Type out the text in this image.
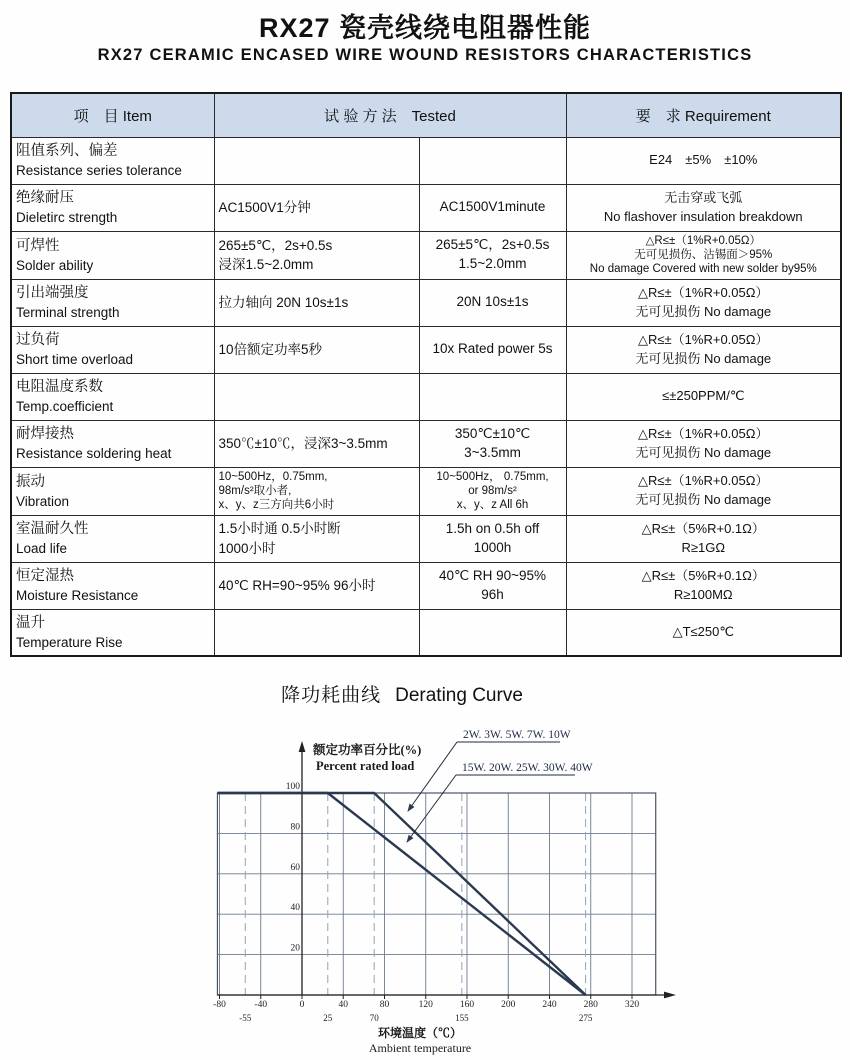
RX27 瓷壳线绕电阻器性能
RX27 CERAMIC ENCASED WIRE WOUND RESISTORS CHARACTERISTICS
项　目 Item	试 验 方 法　Tested		要　求 Requirement

阻值系列、偏差
Resistance series tolerance			E24　±5%　±10%

绝缘耐压
Dieletirc strength	AC1500V1分钟	AC1500V1minute	无击穿或飞弧
No flashover insulation breakdown

可焊性
Solder ability	265±5℃，2s+0.5s
浸深1.5~2.0mm	265±5℃，2s+0.5s
1.5~2.0mm	△R≤±（1%R+0.05Ω）
无可见损伤、沾锡面＞95%
No damage Covered with new solder by95%

引出端强度
Terminal strength	拉力轴向 20N 10s±1s	20N 10s±1s	△R≤±（1%R+0.05Ω）
无可见损伤 No damage

过负荷
Short time overload	10倍额定功率5秒	10x Rated power 5s	△R≤±（1%R+0.05Ω）
无可见损伤 No damage

电阻温度系数
Temp.coefficient			≤±250PPM/℃

耐焊接热
Resistance soldering heat	350℃±10℃，浸深3~3.5mm	350℃±10℃
3~3.5mm	△R≤±（1%R+0.05Ω）
无可见损伤 No damage

振动
Vibration	10~500Hz，0.75mm,
98m/s²取小者,
x、y、z三方向共6小时	10~500Hz， 0.75mm,
or 98m/s²
x、y、z All 6h	△R≤±（1%R+0.05Ω）
无可见损伤 No damage

室温耐久性
Load life	1.5小时通 0.5小时断
1000小时	1.5h on 0.5h off
1000h	△R≤±（5%R+0.1Ω）
R≥1GΩ

恒定湿热
Moisture Resistance	40℃ RH=90~95% 96小时	40℃ RH 90~95%
96h	△R≤±（5%R+0.1Ω）
R≥100MΩ

温升
Temperature Rise			△T≤250℃
降功耗曲线 Derating Curve
-80	-40	0	40	80	120	160	200	240	280	320
-55	25	70	155	275
100
80
60
40
20
额定功率百分比(%)
Percent rated load
环境温度（℃）
Ambient temperature
2W. 3W. 5W. 7W. 10W
15W. 20W. 25W. 30W. 40W
